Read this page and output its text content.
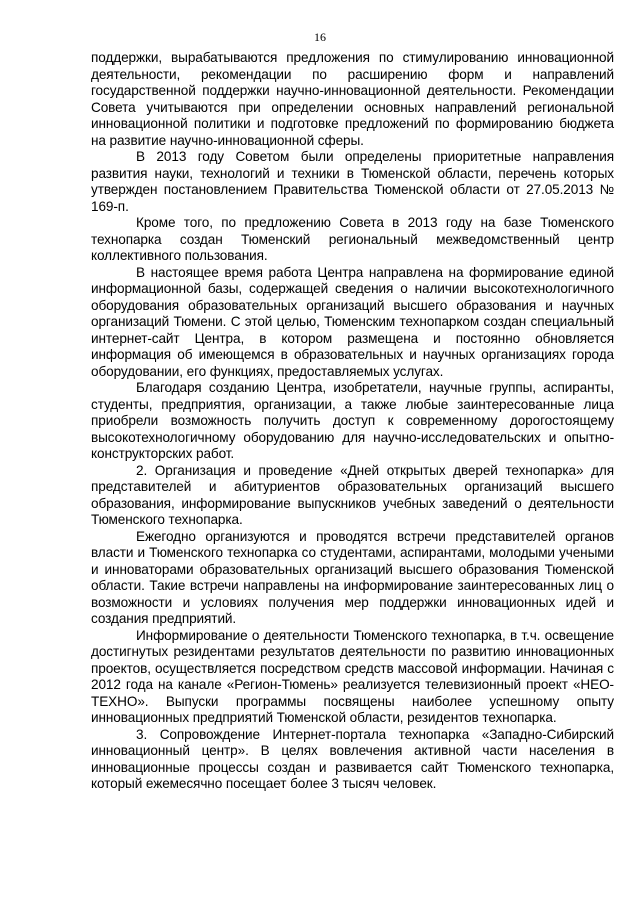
16

поддержки, вырабатываются предложения по стимулированию инновационной деятельности, рекомендации по расширению форм и направлений государственной поддержки научно-инновационной деятельности. Рекомендации Совета учитываются при определении основных направлений региональной инновационной политики и подготовке предложений по формированию бюджета на развитие научно-инновационной сферы.

В 2013 году Советом были определены приоритетные направления развития науки, технологий и техники в Тюменской области, перечень которых утвержден постановлением Правительства Тюменской области от 27.05.2013 № 169-п.

Кроме того, по предложению Совета в 2013 году на базе Тюменского технопарка создан Тюменский региональный межведомственный центр коллективного пользования.

В настоящее время работа Центра направлена на формирование единой информационной базы, содержащей сведения о наличии высокотехнологичного оборудования образовательных организаций высшего образования и научных организаций Тюмени. С этой целью, Тюменским технопарком создан специальный интернет-сайт Центра, в котором размещена и постоянно обновляется информация об имеющемся в образовательных и научных организациях города оборудовании, его функциях, предоставляемых услугах.

Благодаря созданию Центра, изобретатели, научные группы, аспиранты, студенты, предприятия, организации, а также любые заинтересованные лица приобрели возможность получить доступ к современному дорогостоящему высокотехнологичному оборудованию для научно-исследовательских и опытно-конструкторских работ.

2. Организация и проведение «Дней открытых дверей технопарка» для представителей и абитуриентов образовательных организаций высшего образования, информирование выпускников учебных заведений о деятельности Тюменского технопарка.

Ежегодно организуются и проводятся встречи представителей органов власти и Тюменского технопарка со студентами, аспирантами, молодыми учеными и инноваторами образовательных организаций высшего образования Тюменской области. Такие встречи направлены на информирование заинтересованных лиц о возможности и условиях получения мер поддержки инновационных идей и создания предприятий.

Информирование о деятельности Тюменского технопарка, в т.ч. освещение достигнутых резидентами результатов деятельности по развитию инновационных проектов, осуществляется посредством средств массовой информации. Начиная с 2012 года на канале «Регион-Тюмень» реализуется телевизионный проект «НЕО-ТЕХНО». Выпуски программы посвящены наиболее успешному опыту инновационных предприятий Тюменской области, резидентов технопарка.

3. Сопровождение Интернет-портала технопарка «Западно-Сибирский инновационный центр». В целях вовлечения активной части населения в инновационные процессы создан и развивается сайт Тюменского технопарка, который ежемесячно посещает более 3 тысяч человек.
